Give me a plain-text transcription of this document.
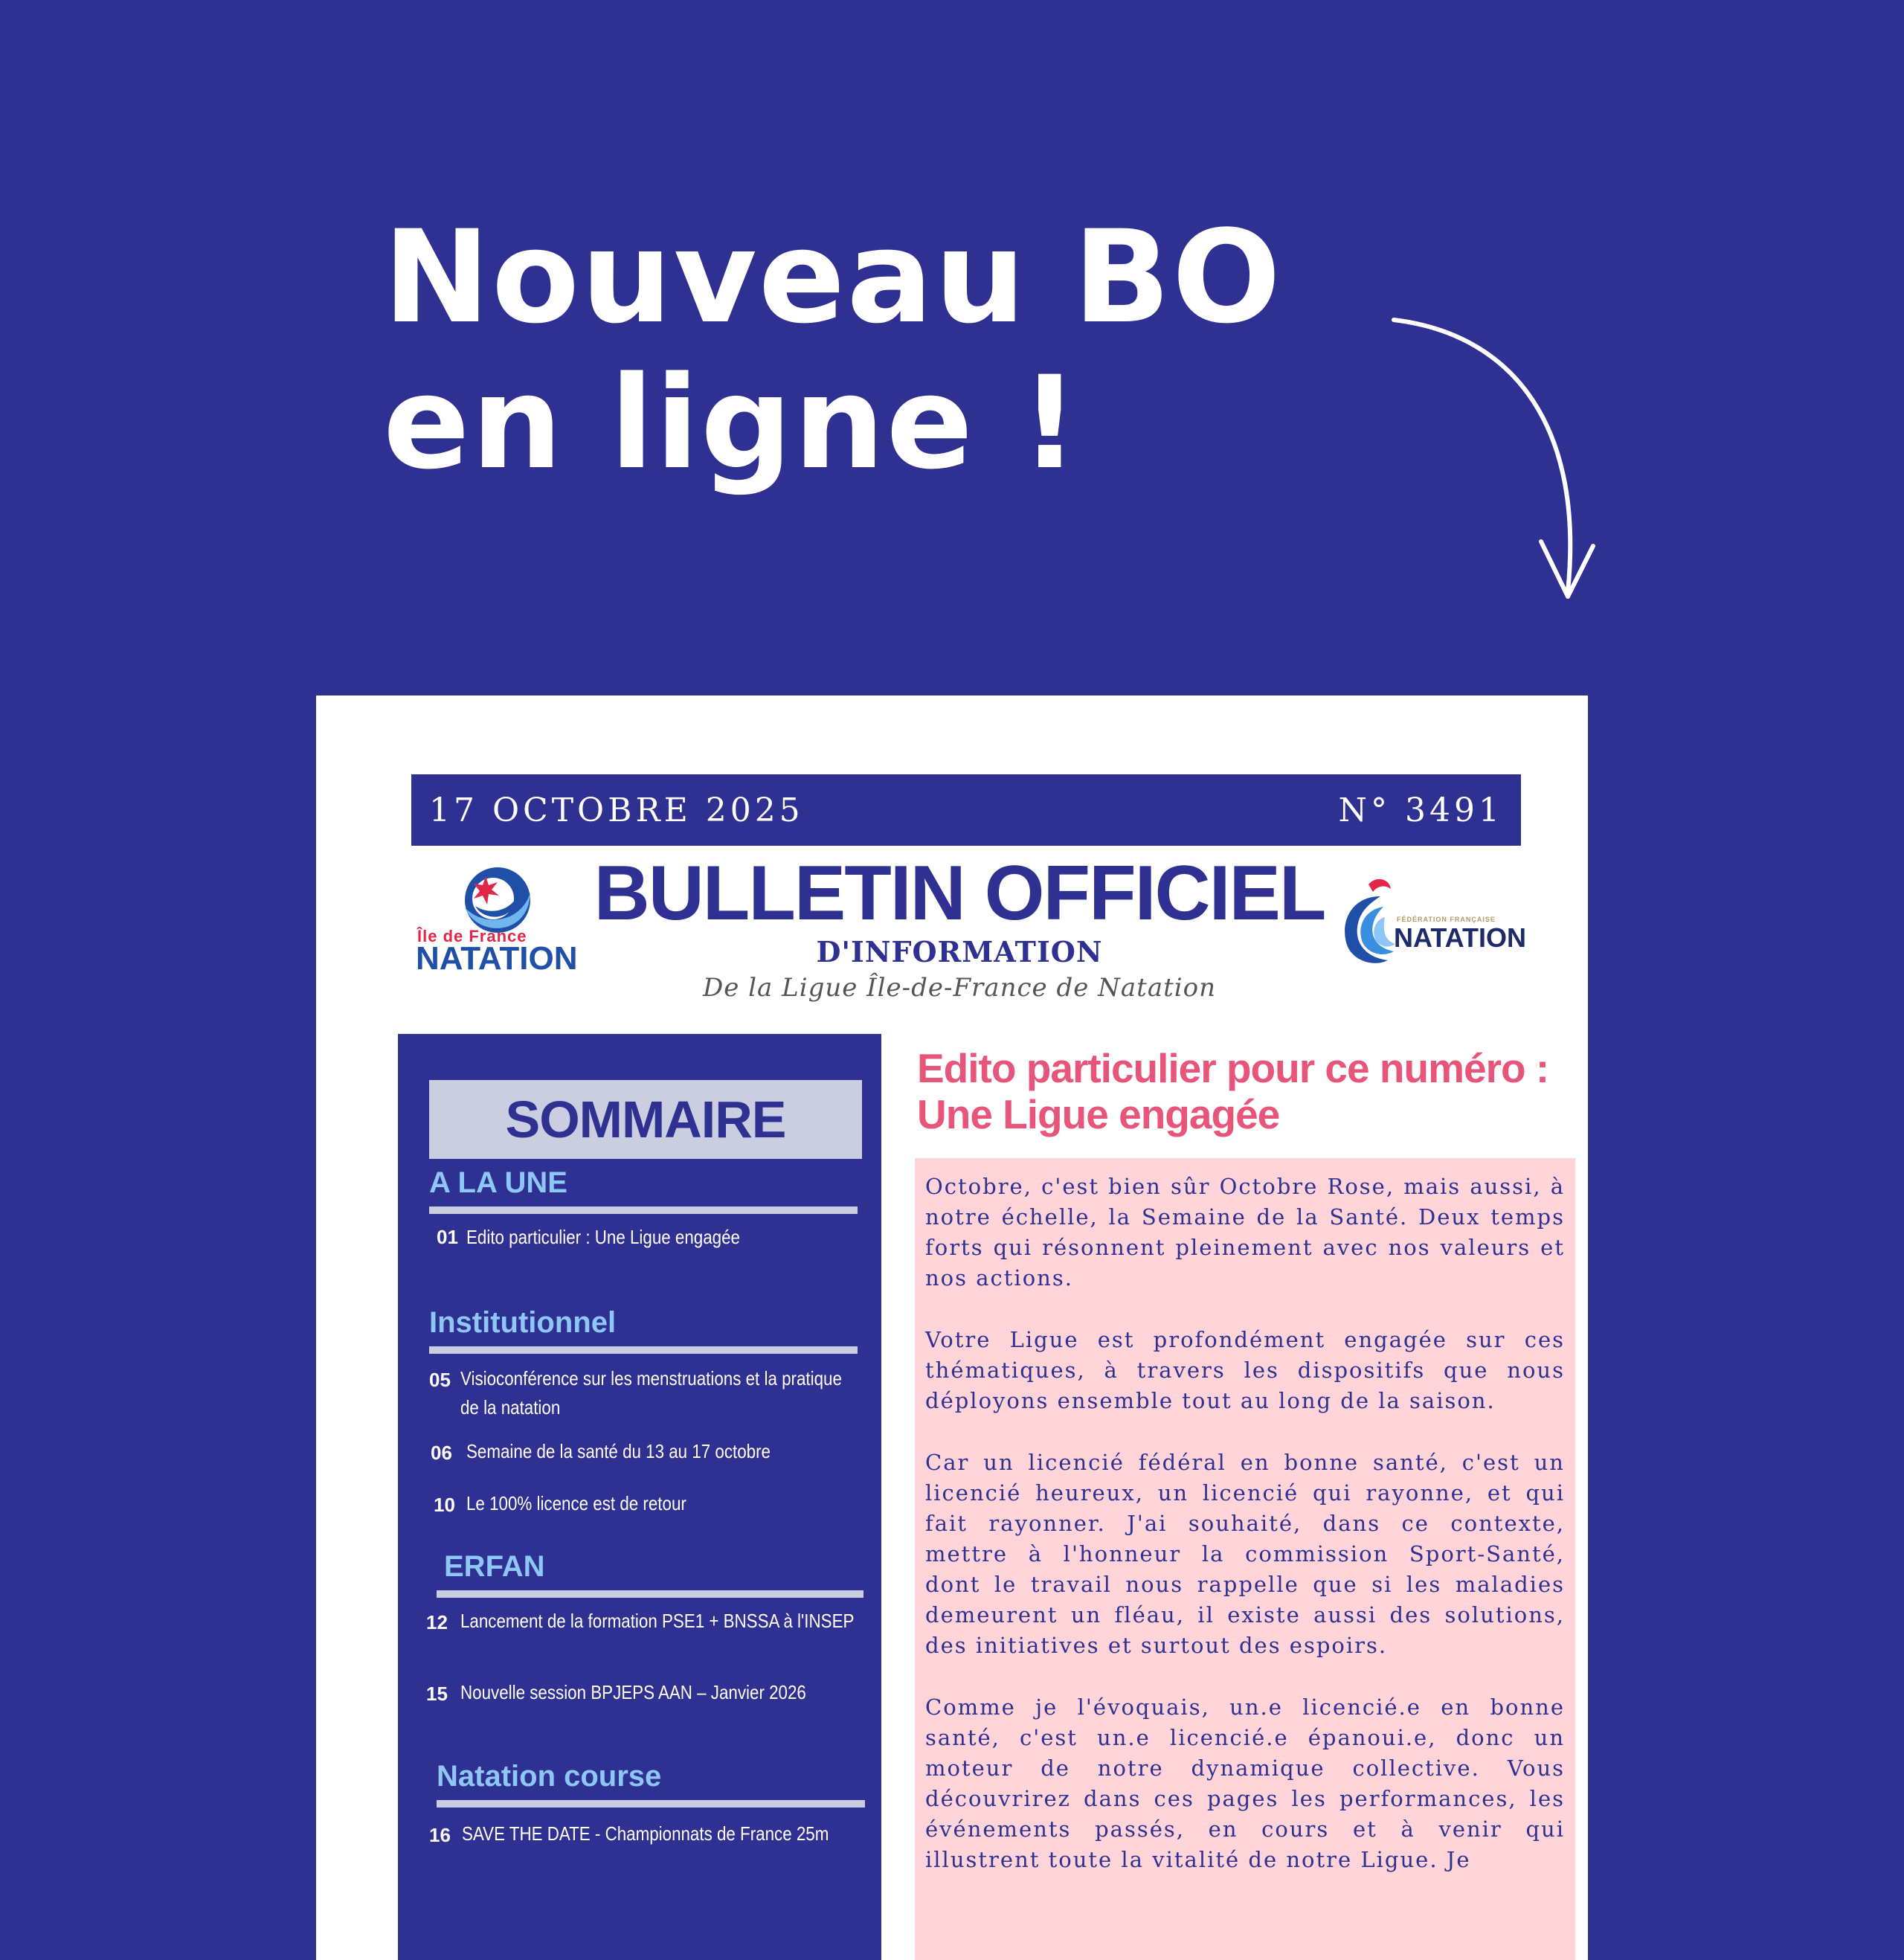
Nouveau BO
en ligne !
17 OCTOBRE 2025	N° 3491
Île de France
NATATION
BULLETIN OFFICIEL
D'INFORMATION
De la Ligue Île-de-France de Natation
FÉDÉRATION FRANÇAISE
NATATION
SOMMAIRE
A LA UNE
01 Edito particulier : Une Ligue engagée
Institutionnel
05 Visioconférence sur les menstruations et la pratique de la natation
06 Semaine de la santé du 13 au 17 octobre
10 Le 100% licence est de retour
ERFAN
12 Lancement de la formation PSE1 + BNSSA à l'INSEP
15 Nouvelle session BPJEPS AAN – Janvier 2026
Natation course
16 SAVE THE DATE - Championnats de France 25m
Edito particulier pour ce numéro : Une Ligue engagée

Octobre, c'est bien sûr Octobre Rose, mais aussi, à notre échelle, la Semaine de la Santé. Deux temps forts qui résonnent pleinement avec nos valeurs et nos actions.

Votre Ligue est profondément engagée sur ces thématiques, à travers les dispositifs que nous déployons ensemble tout au long de la saison.

Car un licencié fédéral en bonne santé, c'est un licencié heureux, un licencié qui rayonne, et qui fait rayonner. J'ai souhaité, dans ce contexte, mettre à l'honneur la commission Sport-Santé, dont le travail nous rappelle que si les maladies demeurent un fléau, il existe aussi des solutions, des initiatives et surtout des espoirs.

Comme je l'évoquais, un.e licencié.e en bonne santé, c'est un.e licencié.e épanoui.e, donc un moteur de notre dynamique collective. Vous découvrirez dans ces pages les performances, les événements passés, en cours et à venir qui illustrent toute la vitalité de notre Ligue. Je
